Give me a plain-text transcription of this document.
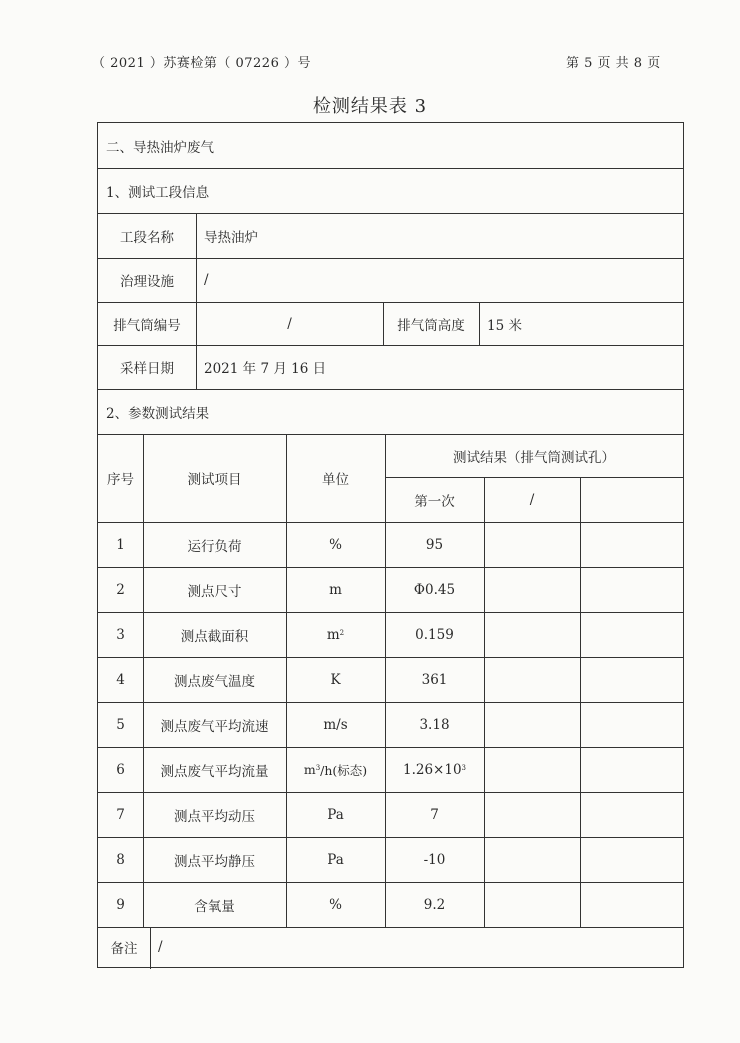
（ 2021 ）苏赛检第（ 07226 ）号	第 5 页 共 8 页
检测结果表 3
二、导热油炉废气
1、测试工段信息
工段名称	导热油炉
治理设施	/
排气筒编号	/	排气筒高度	15 米
采样日期	2021 年 7 月 16 日
2、参数测试结果
序号	测试项目	单位
测试结果（排气筒测试孔）
第一次	/
1	运行负荷	%	95
2	测点尺寸	m	Φ0.45
3	测点截面积	$m^2$	0.159
4	测点废气温度	K	361
5	测点废气平均流速	m/s	3.18
6	测点废气平均流量	$m^3$ /h(标态)	$1.26\times 10^3$
7	测点平均动压	Pa	7
8	测点平均静压	Pa	-10
9	含氧量	%	9.2
备注	/
